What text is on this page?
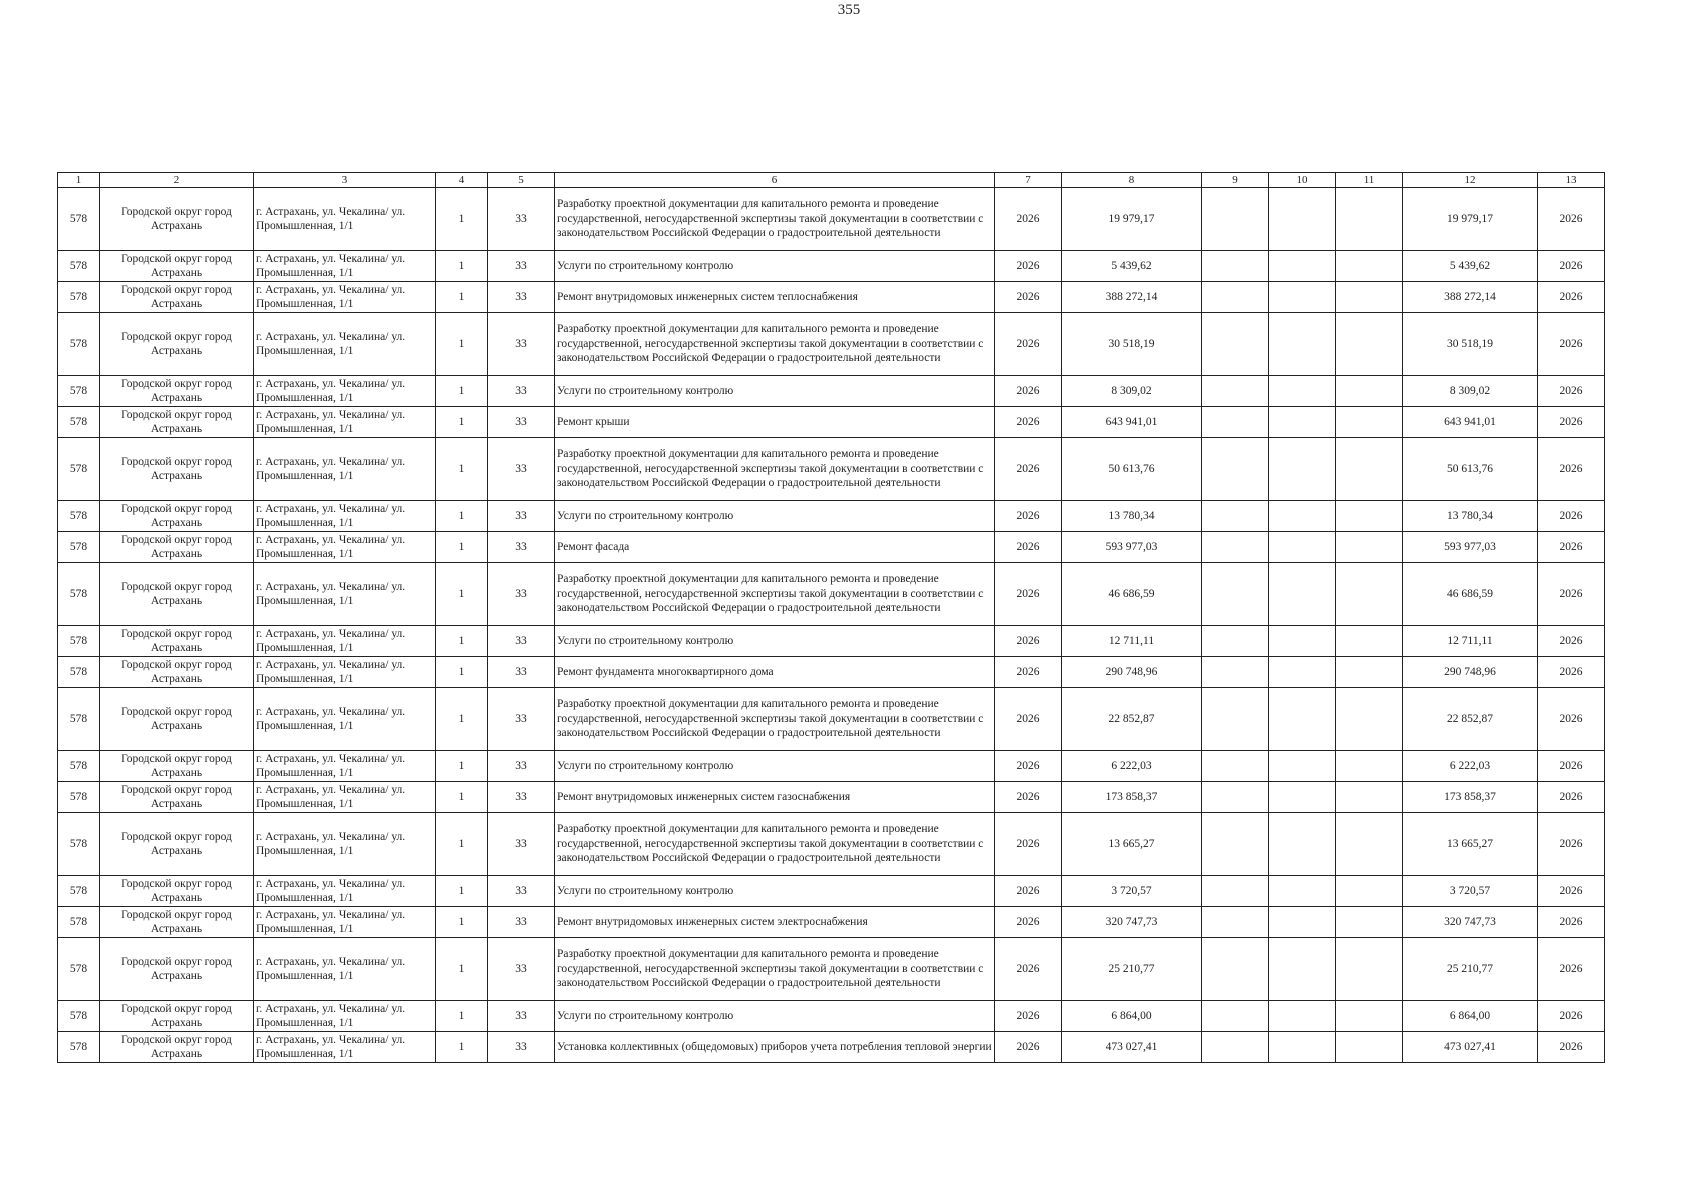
355
1	2	3	4	5	6	7	8	9	10	11	12	13
578	Городской округ город Астрахань	г. Астрахань, ул. Чекалина/ ул. Промышленная, 1/1	1	33	Разработку проектной документации для капитального ремонта и проведение государственной, негосударственной экспертизы такой документации в соответствии с законодательством Российской Федерации о градостроительной деятельности	2026	19 979,17				19 979,17	2026
578	Городской округ город Астрахань	г. Астрахань, ул. Чекалина/ ул. Промышленная, 1/1	1	33	Услуги по строительному контролю	2026	5 439,62				5 439,62	2026
578	Городской округ город Астрахань	г. Астрахань, ул. Чекалина/ ул. Промышленная, 1/1	1	33	Ремонт внутридомовых инженерных систем теплоснабжения	2026	388 272,14				388 272,14	2026
578	Городской округ город Астрахань	г. Астрахань, ул. Чекалина/ ул. Промышленная, 1/1	1	33	Разработку проектной документации для капитального ремонта и проведение государственной, негосударственной экспертизы такой документации в соответствии с законодательством Российской Федерации о градостроительной деятельности	2026	30 518,19				30 518,19	2026
578	Городской округ город Астрахань	г. Астрахань, ул. Чекалина/ ул. Промышленная, 1/1	1	33	Услуги по строительному контролю	2026	8 309,02				8 309,02	2026
578	Городской округ город Астрахань	г. Астрахань, ул. Чекалина/ ул. Промышленная, 1/1	1	33	Ремонт крыши	2026	643 941,01				643 941,01	2026
578	Городской округ город Астрахань	г. Астрахань, ул. Чекалина/ ул. Промышленная, 1/1	1	33	Разработку проектной документации для капитального ремонта и проведение государственной, негосударственной экспертизы такой документации в соответствии с законодательством Российской Федерации о градостроительной деятельности	2026	50 613,76				50 613,76	2026
578	Городской округ город Астрахань	г. Астрахань, ул. Чекалина/ ул. Промышленная, 1/1	1	33	Услуги по строительному контролю	2026	13 780,34				13 780,34	2026
578	Городской округ город Астрахань	г. Астрахань, ул. Чекалина/ ул. Промышленная, 1/1	1	33	Ремонт фасада	2026	593 977,03				593 977,03	2026
578	Городской округ город Астрахань	г. Астрахань, ул. Чекалина/ ул. Промышленная, 1/1	1	33	Разработку проектной документации для капитального ремонта и проведение государственной, негосударственной экспертизы такой документации в соответствии с законодательством Российской Федерации о градостроительной деятельности	2026	46 686,59				46 686,59	2026
578	Городской округ город Астрахань	г. Астрахань, ул. Чекалина/ ул. Промышленная, 1/1	1	33	Услуги по строительному контролю	2026	12 711,11				12 711,11	2026
578	Городской округ город Астрахань	г. Астрахань, ул. Чекалина/ ул. Промышленная, 1/1	1	33	Ремонт фундамента многоквартирного дома	2026	290 748,96				290 748,96	2026
578	Городской округ город Астрахань	г. Астрахань, ул. Чекалина/ ул. Промышленная, 1/1	1	33	Разработку проектной документации для капитального ремонта и проведение государственной, негосударственной экспертизы такой документации в соответствии с законодательством Российской Федерации о градостроительной деятельности	2026	22 852,87				22 852,87	2026
578	Городской округ город Астрахань	г. Астрахань, ул. Чекалина/ ул. Промышленная, 1/1	1	33	Услуги по строительному контролю	2026	6 222,03				6 222,03	2026
578	Городской округ город Астрахань	г. Астрахань, ул. Чекалина/ ул. Промышленная, 1/1	1	33	Ремонт внутридомовых инженерных систем газоснабжения	2026	173 858,37				173 858,37	2026
578	Городской округ город Астрахань	г. Астрахань, ул. Чекалина/ ул. Промышленная, 1/1	1	33	Разработку проектной документации для капитального ремонта и проведение государственной, негосударственной экспертизы такой документации в соответствии с законодательством Российской Федерации о градостроительной деятельности	2026	13 665,27				13 665,27	2026
578	Городской округ город Астрахань	г. Астрахань, ул. Чекалина/ ул. Промышленная, 1/1	1	33	Услуги по строительному контролю	2026	3 720,57				3 720,57	2026
578	Городской округ город Астрахань	г. Астрахань, ул. Чекалина/ ул. Промышленная, 1/1	1	33	Ремонт внутридомовых инженерных систем электроснабжения	2026	320 747,73				320 747,73	2026
578	Городской округ город Астрахань	г. Астрахань, ул. Чекалина/ ул. Промышленная, 1/1	1	33	Разработку проектной документации для капитального ремонта и проведение государственной, негосударственной экспертизы такой документации в соответствии с законодательством Российской Федерации о градостроительной деятельности	2026	25 210,77				25 210,77	2026
578	Городской округ город Астрахань	г. Астрахань, ул. Чекалина/ ул. Промышленная, 1/1	1	33	Услуги по строительному контролю	2026	6 864,00				6 864,00	2026
578	Городской округ город Астрахань	г. Астрахань, ул. Чекалина/ ул. Промышленная, 1/1	1	33	Установка коллективных (общедомовых) приборов учета потребления тепловой энергии	2026	473 027,41				473 027,41	2026
